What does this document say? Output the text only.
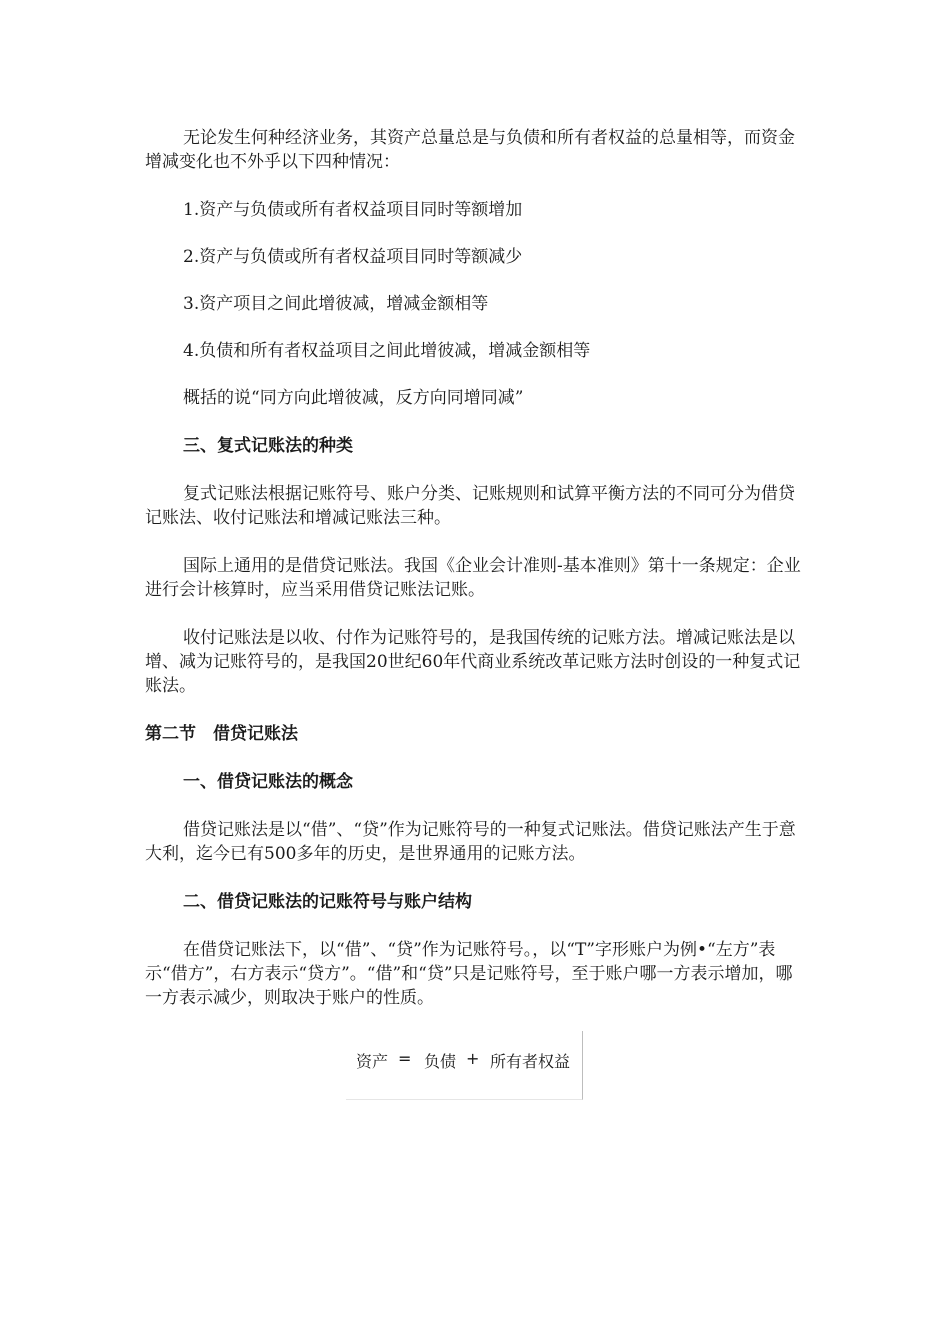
无论发生何种经济业务，其资产总量总是与负债和所有者权益的总量相等，而资金增减变化也不外乎以下四种情况：

1.资产与负债或所有者权益项目同时等额增加

2.资产与负债或所有者权益项目同时等额减少

3.资产项目之间此增彼减，增减金额相等

4.负债和所有者权益项目之间此增彼减，增减金额相等

概括的说“同方向此增彼减，反方向同增同减”

三、复式记账法的种类

复式记账法根据记账符号、账户分类、记账规则和试算平衡方法的不同可分为借贷记账法、收付记账法和增减记账法三种。

国际上通用的是借贷记账法。我国《企业会计准则-基本准则》第十一条规定：企业进行会计核算时，应当采用借贷记账法记账。

收付记账法是以收、付作为记账符号的，是我国传统的记账方法。增减记账法是以增、减为记账符号的，是我国20世纪60年代商业系统改革记账方法时创设的一种复式记账法。

第二节　借贷记账法
一、借贷记账法的概念

借贷记账法是以“借”、“贷”作为记账符号的一种复式记账法。借贷记账法产生于意大利，迄今已有500多年的历史，是世界通用的记账方法。

二、借贷记账法的记账符号与账户结构

在借贷记账法下，以“借”、“贷”作为记账符号。，以“T”字形账户为例•“左方”表示“借方”，右方表示“贷方”。“借”和“贷”只是记账符号，至于账户哪一方表示增加，哪一方表示减少，则取决于账户的性质。

资产 = 负债 + 所有者权益
